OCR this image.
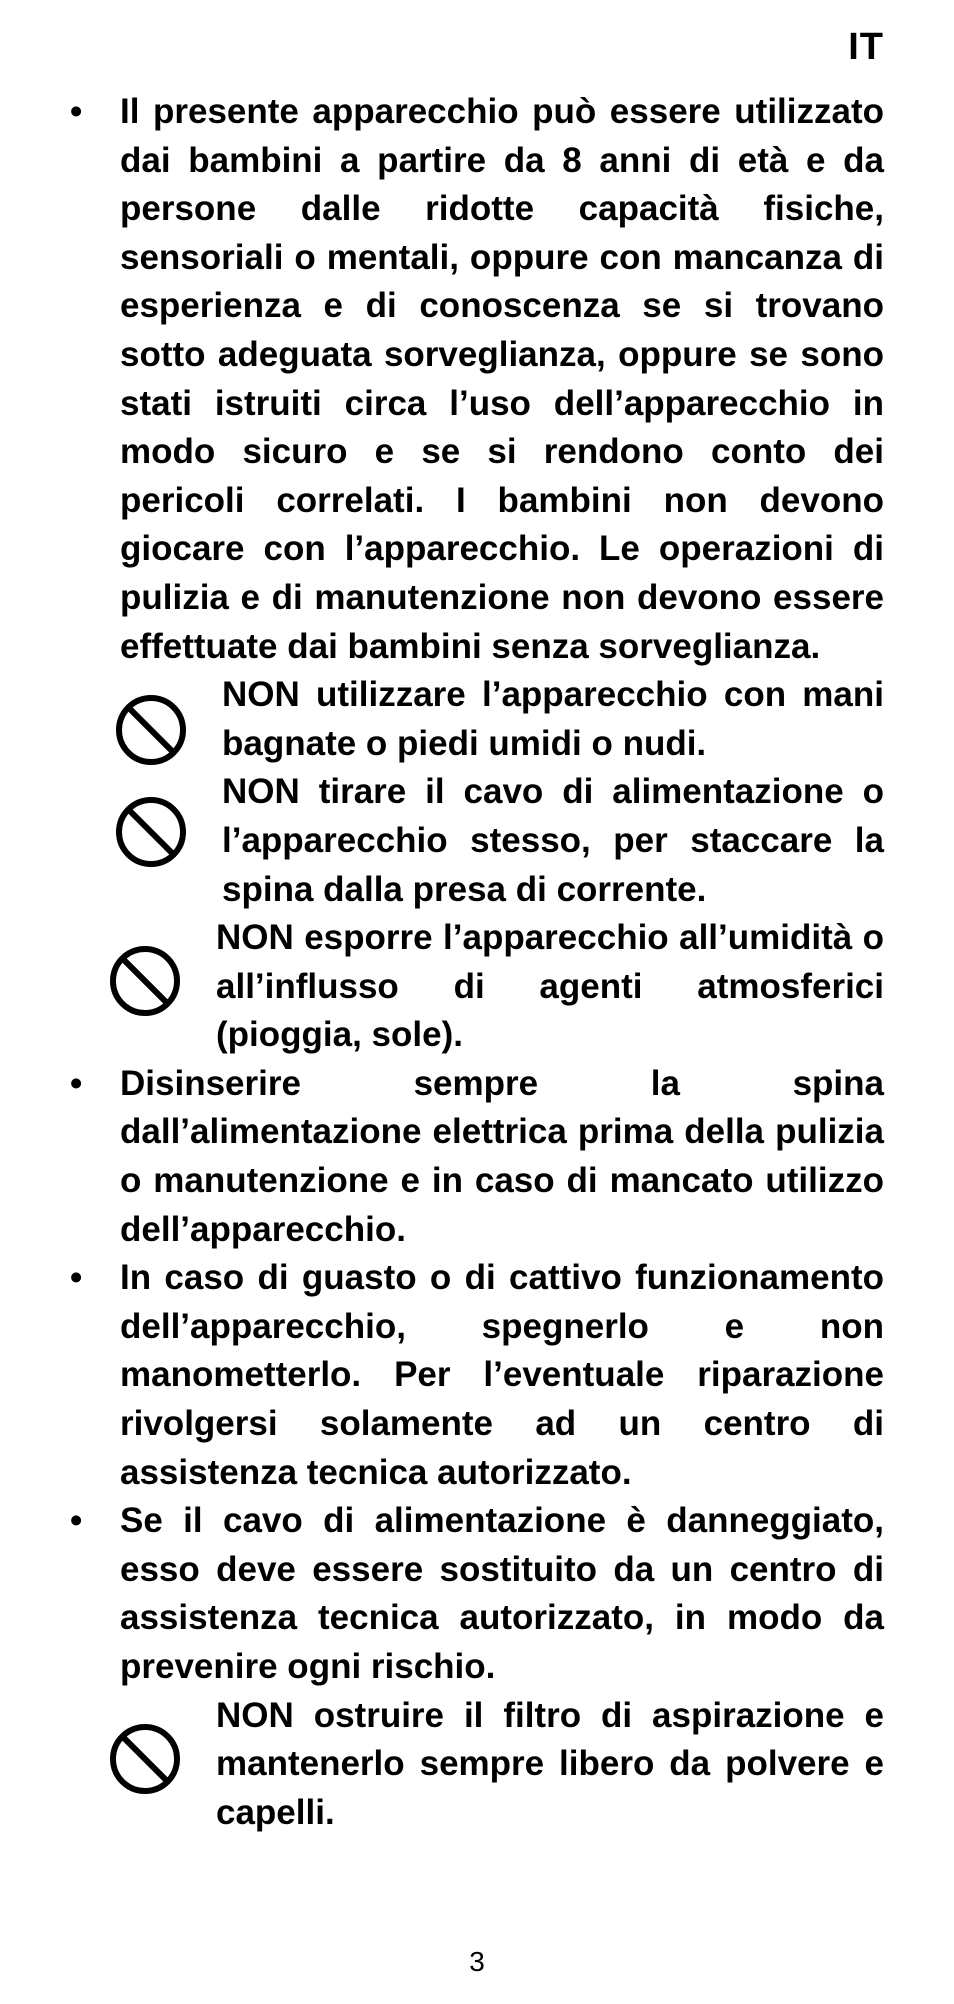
IT
•	Il presente apparecchio può essere utilizzato dai bambini a partire da 8 anni di età e da persone dalle ridotte capacità fisiche, sensoriali o mentali, oppure con mancanza di esperienza e di conoscenza se si trovano sotto adeguata sorveglianza, oppure se sono stati istruiti circa l’uso dell’apparecchio in modo sicuro e se si rendono conto dei pericoli correlati. I bambini non devono giocare con l’apparecchio. Le operazioni di pulizia e di manutenzione non devono essere effettuate dai bambini senza sorveglianza.

NON utilizzare l’apparecchio con mani bagnate o piedi umidi o nudi.
NON tirare il cavo di alimentazione o l’apparecchio stesso, per staccare la spina dalla presa di corrente.
NON esporre l’apparecchio all’umidità o all’influsso di agenti atmosferici (pioggia, sole).
•	Disinserire sempre la spina dall’alimentazione elettrica prima della pulizia o manutenzione e in caso di mancato utilizzo dell’apparecchio.

•	In caso di guasto o di cattivo funzionamento dell’apparecchio, spegnerlo e non manometterlo. Per l’eventuale riparazione rivolgersi solamente ad un centro di assistenza tecnica autorizzato.

•	Se il cavo di alimentazione è danneggiato, esso deve essere sostituito da un centro di assistenza tecnica autorizzato, in modo da prevenire ogni rischio.

NON ostruire il filtro di aspirazione e mantenerlo sempre libero da polvere e capelli.
3
